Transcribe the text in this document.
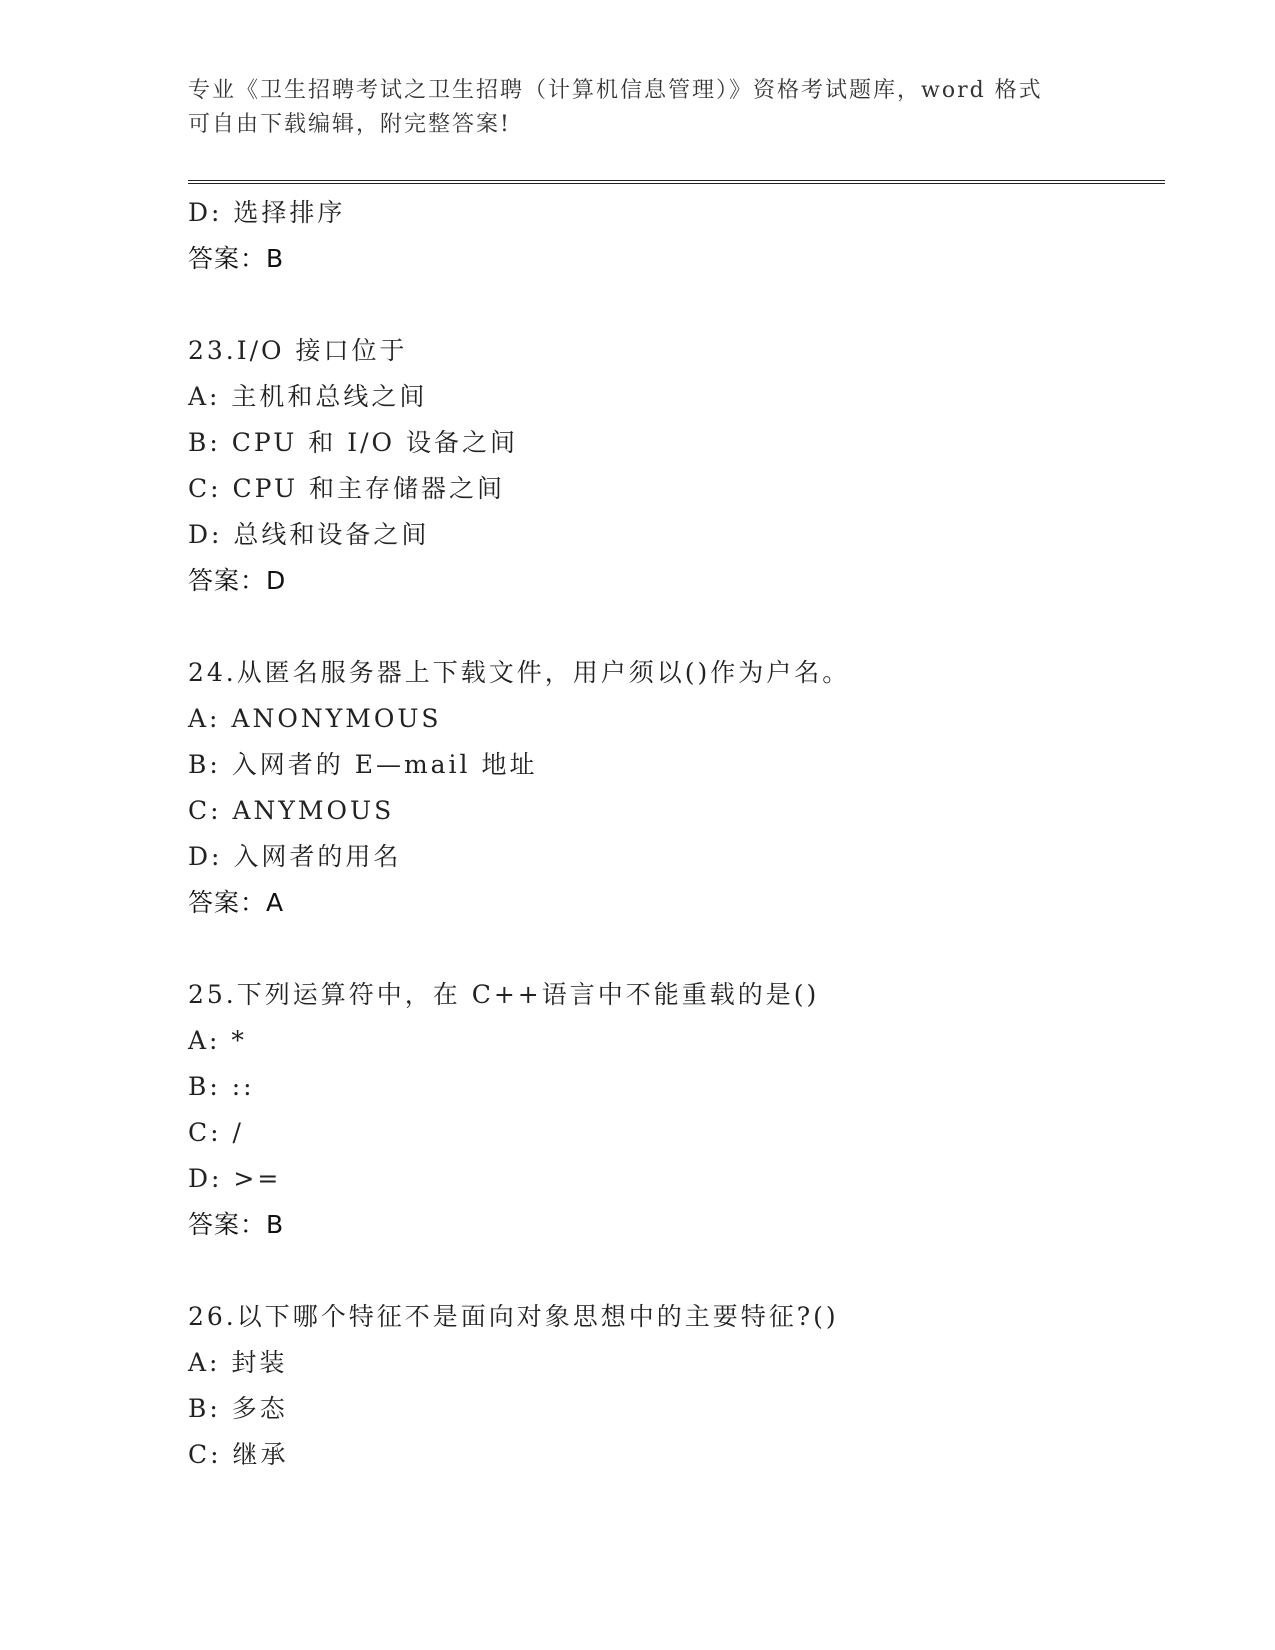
专业《卫生招聘考试之卫生招聘（计算机信息管理）》资格考试题库，word 格式
可自由下载编辑，附完整答案!
D: 选择排序
答案：B
23.I/O 接口位于
A: 主机和总线之间
B: CPU 和 I/O 设备之间
C: CPU 和主存储器之间
D: 总线和设备之间
答案：D
24.从匿名服务器上下载文件，用户须以()作为户名。
A: ANONYMOUS
B: 入网者的 E—mail 地址
C: ANYMOUS
D: 入网者的用名
答案：A
25.下列运算符中，在 C++语言中不能重载的是()
A: *
B: ::
C: /
D: >=
答案：B
26.以下哪个特征不是面向对象思想中的主要特征?()
A: 封装
B: 多态
C: 继承
